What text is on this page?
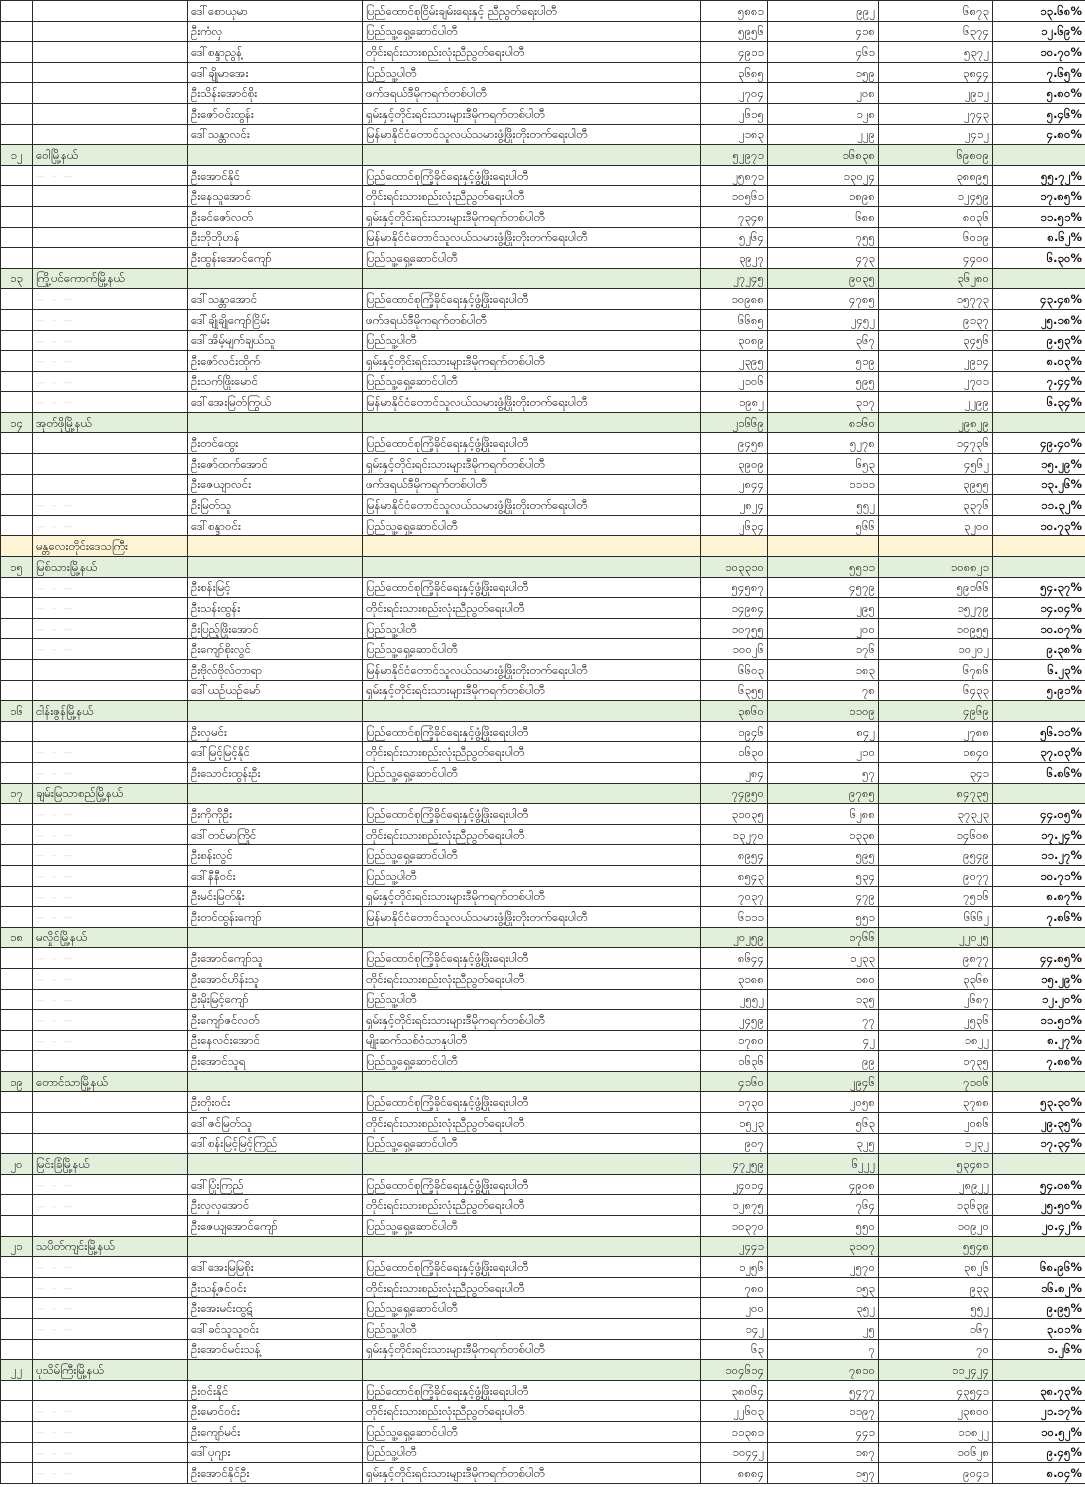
		ဒေါ်စောယုမာ	ပြည်ထောင်စုငြိမ်းချမ်းရေးနှင့် ညီညွတ်ရေးပါတီ	၅၈၈၁	၉၉၂	၆၈၇၃	၁၃.၆၈%
		ဦးကံလှ	ပြည်သူ့ရှေ့ဆောင်ပါတီ	၅၉၅၆	၄၁၈	၆၃၇၄	၁၂.၆၉%
		ဒေါ်စန္ဒာညွန့်	တိုင်းရင်းသားစည်းလုံးညီညွတ်ရေးပါတီ	၄၉၁၁	၄၆၁	၅၃၇၂	၁၀.၇၀%
		ဒေါ်ချိုမာအေး	ပြည်သူ့ပါတီ	၃၆၈၅	၁၅၉	၃၈၄၄	၇.၆၅%
		ဦးသိန်းအောင်စိုး	ဖက်ဒရယ်ဒီမိုကရက်တစ်ပါတီ	၂၇၀၄	၂၀၈	၂၉၁၂	၅.၈၀%
		ဦးဇော်ဝင်းထွန်း	ရှမ်းနှင့်တိုင်းရင်းသားများဒီမိုကရက်တစ်ပါတီ	၂၆၁၅	၁၂၈	၂၇၄၃	၅.၄၆%
		ဒေါ်သန္တာလင်း	မြန်မာနိုင်ငံတောင်သူလယ်သမားဖွံ့ဖြိုးတိုးတက်ရေးပါတီ	၂၁၈၃	၂၂၉	၂၄၁၂	၄.၈၀%
၁၂	ဝေါမြို့နယ်			၅၂၉၇၁	၁၆၈၃၈	၆၉၈၀၉	
	— – —	ဦးအောင်နိုင်	ပြည်ထောင်စုကြံ့ခိုင်ရေးနှင့်ဖွံ့ဖြိုးရေးပါတီ	၂၅၈၇၁	၁၃၀၂၄	၃၈၈၉၅	၅၅.၇၂%
		ဦးနေသူအောင်	တိုင်းရင်းသားစည်းလုံးညီညွတ်ရေးပါတီ	၁၀၅၆၁	၁၈၉၈	၁၂၄၅၉	၁၇.၈၅%
		ဦးခင်ဇော်လတ်	ရှမ်းနှင့်တိုင်းရင်းသားများဒီမိုကရက်တစ်ပါတီ	၇၃၄၈	၆၈၈	၈၀၃၆	၁၁.၅၁%
		ဦးဘိုဘိုဟန်	မြန်မာနိုင်ငံတောင်သူလယ်သမားဖွံ့ဖြိုးတိုးတက်ရေးပါတီ	၅၂၆၄	၇၅၅	၆၀၁၉	၈.၆၂%
		ဦးထွန်းအောင်ကျော်	ပြည်သူ့ရှေ့ဆောင်ပါတီ	၃၉၂၇	၄၇၃	၄၄၀၀	၆.၃၀%
၁၃	ကြို့ပင်ကောက်မြို့နယ်			၂၇၂၄၅	၉၀၃၅	၃၆၂၈၀	
	— – —	ဒေါ်သန္တာအောင်	ပြည်ထောင်စုကြံ့ခိုင်ရေးနှင့်ဖွံ့ဖြိုးရေးပါတီ	၁၀၉၈၈	၄၇၈၅	၁၅၇၇၃	၄၃.၄၈%
	— – —	ဒေါ်ချိုချိုကျော်ငြိမ်း	ဖက်ဒရယ်ဒီမိုကရက်တစ်ပါတီ	၆၆၈၅	၂၄၅၂	၉၁၃၇	၂၅.၁၈%
	— – —	ဒေါ်အိမ့်မျက်ချယ်သူ	ပြည်သူ့ပါတီ	၃၀၈၉	၃၆၇	၃၄၅၆	၉.၅၃%
	— – —	ဦးဇော်လင်းထိုက်	ရှမ်းနှင့်တိုင်းရင်းသားများဒီမိုကရက်တစ်ပါတီ	၂၃၉၅	၅၁၉	၂၉၁၄	၈.၀၃%
	— – —	ဦးသက်ဖြိုးမောင်	ပြည်သူ့ရှေ့ဆောင်ပါတီ	၂၁၀၆	၅၉၅	၂၇၀၁	၇.၄၄%
	— – —	ဒေါ်အေးမြတ်ကြွယ်	မြန်မာနိုင်ငံတောင်သူလယ်သမားဖွံ့ဖြိုးတိုးတက်ရေးပါတီ	၁၉၈၂	၃၁၇	၂၂၉၉	၆.၃၄%
၁၄	အုတ်ဖိုမြို့နယ်			၂၁၆၆၉	၈၁၆၀	၂၉၈၂၉	
		ဦးတင်ထွေး	ပြည်ထောင်စုကြံ့ခိုင်ရေးနှင့်ဖွံ့ဖြိုးရေးပါတီ	၉၄၅၈	၅၂၇၈	၁၄၇၃၆	၄၉.၄၀%
		ဦးဇော်ထက်အောင်	ရှမ်းနှင့်တိုင်းရင်းသားများဒီမိုကရက်တစ်ပါတီ	၃၉၀၉	၆၅၃	၄၅၆၂	၁၅.၂၉%
		ဦးဇေယျာလင်း	ဖက်ဒရယ်ဒီမိုကရက်တစ်ပါတီ	၂၈၄၄	၁၁၁၁	၃၉၅၅	၁၃.၂၆%
	— – —	ဦးမြတ်သူ	မြန်မာနိုင်ငံတောင်သူလယ်သမားဖွံ့ဖြိုးတိုးတက်ရေးပါတီ	၂၈၂၄	၅၅၂	၃၃၇၆	၁၁.၃၂%
	— – —	ဒေါ်စန္ဒာဝင်း	ပြည်သူ့ရှေ့ဆောင်ပါတီ	၂၆၃၄	၅၆၆	၃၂၀၀	၁၀.၇၃%
	မန္တလေးတိုင်းဒေသကြီး						
၁၅	မြစ်သားမြို့နယ်			၁၀၃၃၁၀	၅၅၁၁	၁၀၈၈၂၁	
	— – —	ဦးစန်းမြင့်	ပြည်ထောင်စုကြံ့ခိုင်ရေးနှင့်ဖွံ့ဖြိုးရေးပါတီ	၅၄၅၈၇	၄၅၇၉	၅၉၁၆၆	၅၄.၃၇%
	— – —	ဦးသန်းထွန်း	တိုင်းရင်းသားစည်းလုံးညီညွတ်ရေးပါတီ	၁၄၉၈၄	၂၉၅	၁၅၂၇၉	၁၄.၀၄%
	— – —	ဦးပြည့်ဖြိုးအောင်	ပြည်သူ့ပါတီ	၁၀၇၅၅	၂၀၀	၁၀၉၅၅	၁၀.၀၇%
	— – —	ဦးကျော်စိုးလွင်	ပြည်သူ့ရှေ့ဆောင်ပါတီ	၁၀၀၂၆	၁၇၆	၁၀၂၀၂	၉.၃၈%
		ဦးဗိုလ်ဗိုလ်တာရာ	မြန်မာနိုင်ငံတောင်သူလယ်သမားဖွံ့ဖြိုးတိုးတက်ရေးပါတီ	၆၆၀၃	၁၈၃	၆၇၈၆	၆.၂၃%
		ဒေါ်ယဉ်ယဉ်မော်	ရှမ်းနှင့်တိုင်းရင်းသားများဒီမိုကရက်တစ်ပါတီ	၆၃၅၅	၇၈	၆၄၃၃	၅.၉၁%
၁၆	ငါန်းဇွန်မြို့နယ်			၃၈၆၀	၁၁၀၉	၄၉၆၉	
		ဦးလှမင်း	ပြည်ထောင်စုကြံ့ခိုင်ရေးနှင့်ဖွံ့ဖြိုးရေးပါတီ	၁၉၄၆	၈၄၂	၂၇၈၈	၅၆.၁၁%
	— – —	ဒေါ်မြင့်မြင့်နိုင်	တိုင်းရင်းသားစည်းလုံးညီညွတ်ရေးပါတီ	၁၆၃၀	၂၁၀	၁၈၄၀	၃၇.၀၃%
	— – —	ဦးသောင်းထွန်းဦး	ပြည်သူ့ရှေ့ဆောင်ပါတီ	၂၈၄	၅၇	၃၄၁	၆.၈၆%
၁၇	ချမ်းမြသာစည်မြို့နယ်			၇၄၉၅၀	၉၇၈၅	၈၄၇၃၅	
	— – —	ဦးကိုကိုဦး	ပြည်ထောင်စုကြံ့ခိုင်ရေးနှင့်ဖွံ့ဖြိုးရေးပါတီ	၃၁၀၃၅	၆၂၈၈	၃၇၃၂၃	၄၄.၀၅%
	— – —	ဒေါ်တင်မာကြိုင်	တိုင်းရင်းသားစည်းလုံးညီညွတ်ရေးပါတီ	၁၃၂၇၀	၁၃၃၈	၁၄၆၀၈	၁၇.၂၄%
	— – —	ဦးစန်းလွင်	ပြည်သူ့ရှေ့ဆောင်ပါတီ	၈၉၅၄	၅၉၅	၉၅၄၉	၁၁.၂၇%
	— – —	ဒေါ်နီနီဝင်း	ပြည်သူ့ပါတီ	၈၅၄၃	၅၃၄	၉၀၇၇	၁၀.၇၁%
	— – —	ဦးမင်းမြတ်နိုး	ရှမ်းနှင့်တိုင်းရင်းသားများဒီမိုကရက်တစ်ပါတီ	၇၀၃၇	၄၇၉	၇၅၁၆	၈.၈၇%
	— – —	ဦးတင်ထွန်းကျော်	မြန်မာနိုင်ငံတောင်သူလယ်သမားဖွံ့ဖြိုးတိုးတက်ရေးပါတီ	၆၁၁၁	၅၅၁	၆၆၆၂	၇.၈၆%
၁၈	မလှိုင်မြို့နယ်			၂၀၂၅၉	၁၇၆၆	၂၂၀၂၅	
	— – —	ဦးအောင်ကျော်သူ	ပြည်ထောင်စုကြံ့ခိုင်ရေးနှင့်ဖွံ့ဖြိုးရေးပါတီ	၈၆၄၄	၁၂၃၃	၉၈၇၇	၄၄.၈၅%
	— – —	ဦးအောင်ဟိန်းသူ	တိုင်းရင်းသားစည်းလုံးညီညွတ်ရေးပါတီ	၃၁၈၈	၁၈၀	၃၃၆၈	၁၅.၂၉%
	— – —	ဦးမိုးမြင့်ကျော်	ပြည်သူ့ပါတီ	၂၅၅၂	၁၃၅	၂၆၈၇	၁၂.၂၀%
	— – —	ဦးကျော်ဇင်လတ်	ရှမ်းနှင့်တိုင်းရင်းသားများဒီမိုကရက်တစ်ပါတီ	၂၄၅၉	၇၇	၂၅၃၆	၁၁.၅၁%
	— – —	ဦးနေလင်းအောင်	မျိုးဆက်သစ်ဝံသာနုပါတီ	၁၇၈၀	၄၂	၁၈၂၂	၈.၂၇%
		ဦးအောင်သူရ	ပြည်သူ့ရှေ့ဆောင်ပါတီ	၁၆၃၆	၉၉	၁၇၃၅	၇.၈၈%
၁၉	တောင်သာမြို့နယ်			၄၁၆၀	၂၉၄၆	၇၁၀၆	
		ဦးတိုးဝင်း	ပြည်ထောင်စုကြံ့ခိုင်ရေးနှင့်ဖွံ့ဖြိုးရေးပါတီ	၁၇၃၀	၂၀၅၈	၃၇၈၈	၅၃.၃၀%
		ဒေါ်ဇင်မြတ်သူ	တိုင်းရင်းသားစည်းလုံးညီညွတ်ရေးပါတီ	၁၅၂၃	၅၆၃	၂၀၈၆	၂၉.၃၅%
		ဒေါ်စန်းမြင့်မြင့်ကြည်	ပြည်သူ့ရှေ့ဆောင်ပါတီ	၉၀၇	၃၂၅	၁၂၃၂	၁၇.၃၄%
၂၀	မြင်းခြံမြို့နယ်			၄၇၂၅၉	၆၂၂၂	၅၃၄၈၁	
	— – —	ဒေါ်ပြုံးကြည်	ပြည်ထောင်စုကြံ့ခိုင်ရေးနှင့်ဖွံ့ဖြိုးရေးပါတီ	၂၄၀၁၄	၄၉၀၈	၂၈၉၂၂	၅၄.၀၈%
	— – —	ဦးလှလှအောင်	တိုင်းရင်းသားစည်းလုံးညီညွတ်ရေးပါတီ	၁၂၈၇၅	၇၆၄	၁၃၆၃၉	၂၅.၅၀%
		ဦးဇေယျအောင်ကျော်	ပြည်သူ့ရှေ့ဆောင်ပါတီ	၁၀၃၇၀	၅၅၀	၁၀၉၂၀	၂၀.၄၂%
၂၁	သပိတ်ကျင်းမြို့နယ်			၂၄၄၁	၃၁၀၇	၅၅၄၈	
	— – —	ဒေါ်အေးမြမြစိုး	ပြည်ထောင်စုကြံ့ခိုင်ရေးနှင့်ဖွံ့ဖြိုးရေးပါတီ	၁၂၅၆	၂၅၇၀	၃၈၂၆	၆၈.၉၆%
	— – —	ဦးသန့်ဇင်ဝင်း	တိုင်းရင်းသားစည်းလုံးညီညွတ်ရေးပါတီ	၇၈၀	၁၅၃	၉၃၃	၁၆.၈၂%
	— – —	ဦးအေးမင်းထွဋ်	ပြည်သူ့ရှေ့ဆောင်ပါတီ	၂၀၀	၃၅၂	၅၅၂	၉.၉၅%
	— – —	ဒေါ်ခင်သူသူဝင်း	ပြည်သူ့ပါတီ	၁၄၂	၂၅	၁၆၇	၃.၀၁%
		ဦးအောင်မင်းသန့်	ရှမ်းနှင့်တိုင်းရင်းသားများဒီမိုကရက်တစ်ပါတီ	၆၃	၇	၇၀	၁.၂၆%
၂၂	ပုသိမ်ကြီးမြို့နယ်			၁၀၄၆၁၄	၇၈၁၀	၁၁၂၄၂၄	
		ဦးဝင်းနိုင်	ပြည်ထောင်စုကြံ့ခိုင်ရေးနှင့်ဖွံ့ဖြိုးရေးပါတီ	၃၈၀၆၄	၅၄၇၇	၄၃၅၄၁	၃၈.၇၃%
	— – —	ဦးမောင်ဝင်း	တိုင်းရင်းသားစည်းလုံးညီညွတ်ရေးပါတီ	၂၂၆၀၃	၁၁၉၇	၂၃၈၀၀	၂၁.၁၇%
	— – —	ဦးကျော်မင်း	ပြည်သူ့ရှေ့ဆောင်ပါတီ	၁၁၃၈၁	၄၄၁	၁၁၈၂၂	၁၀.၅၂%
	— – —	ဒေါ်ပုဂျား	ပြည်သူ့ပါတီ	၁၀၄၄၂	၁၈၇	၁၀၆၂၈	၉.၄၅%
	— – —	ဦးအောင်နိုင်ဦး	ရှမ်းနှင့်တိုင်းရင်းသားများဒီမိုကရက်တစ်ပါတီ	၈၈၈၄	၁၅၇	၉၀၄၁	၈.၀၄%
